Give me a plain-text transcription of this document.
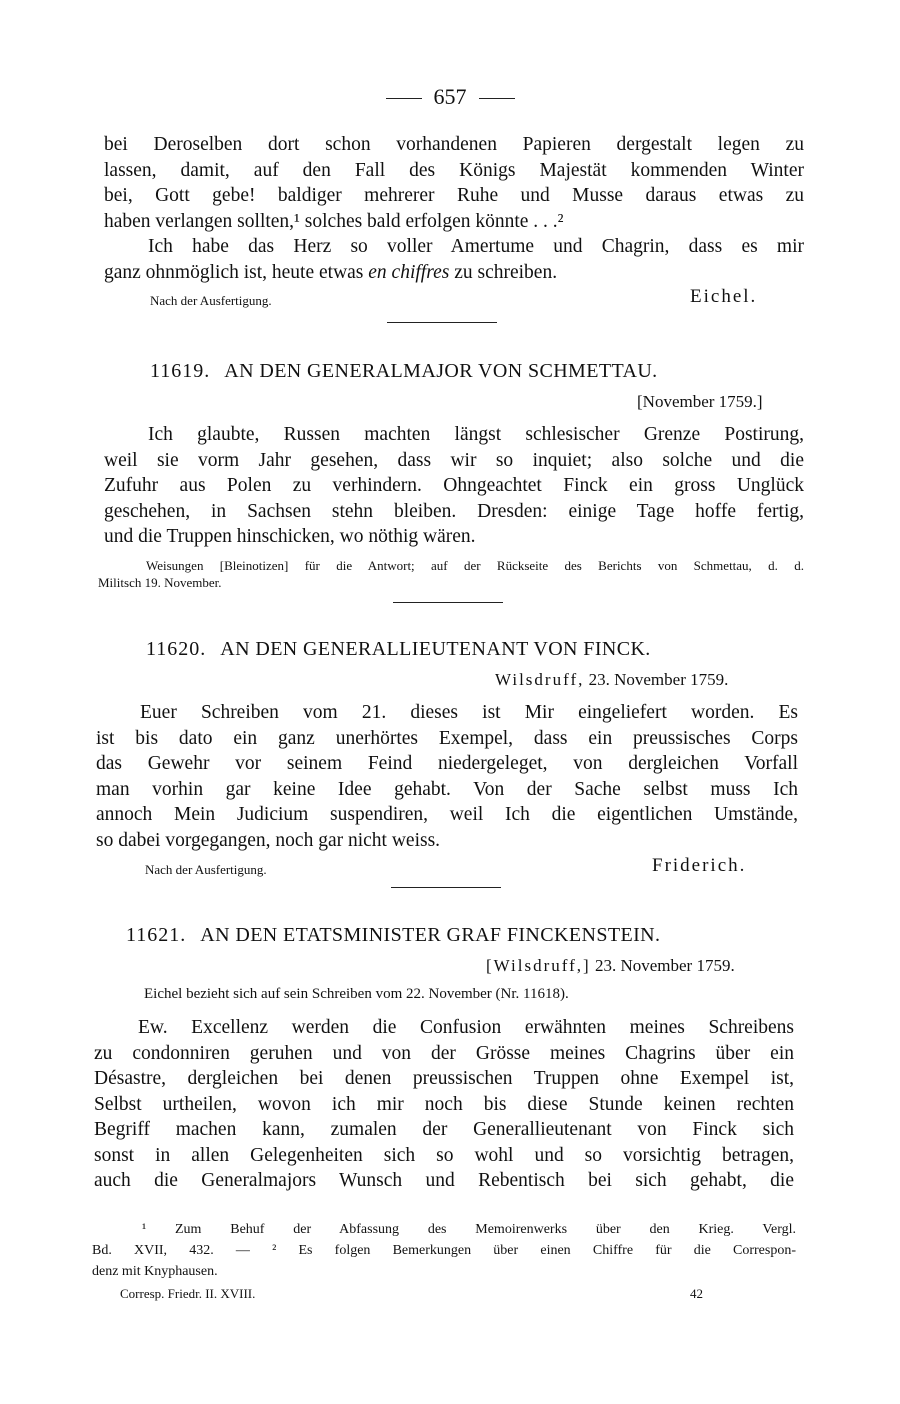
657
bei Deroselben dort schon vorhandenen Papieren dergestalt legen zu
lassen, damit, auf den Fall des Königs Majestät kommenden Winter
bei, Gott gebe! baldiger mehrerer Ruhe und Musse daraus etwas zu
haben verlangen sollten,¹ solches bald erfolgen könnte . . .²
Ich habe das Herz so voller Amertume und Chagrin, dass es mir
ganz ohnmöglich ist, heute etwas en chiffres zu schreiben.
Nach der Ausfertigung.	Eichel.
11619. AN DEN GENERALMAJOR VON SCHMETTAU.
[November 1759.]
Ich glaubte, Russen machten längst schlesischer Grenze Postirung,
weil sie vorm Jahr gesehen, dass wir so inquiet; also solche und die
Zufuhr aus Polen zu verhindern. Ohngeachtet Finck ein gross Unglück
geschehen, in Sachsen stehn bleiben. Dresden: einige Tage hoffe fertig,
und die Truppen hinschicken, wo nöthig wären.
Weisungen [Bleinotizen] für die Antwort; auf der Rückseite des Berichts von Schmettau, d. d.
Militsch 19. November.
11620. AN DEN GENERALLIEUTENANT VON FINCK.
Wilsdruff, 23. November 1759.
Euer Schreiben vom 21. dieses ist Mir eingeliefert worden. Es
ist bis dato ein ganz unerhörtes Exempel, dass ein preussisches Corps
das Gewehr vor seinem Feind niedergeleget, von dergleichen Vorfall
man vorhin gar keine Idee gehabt. Von der Sache selbst muss Ich
annoch Mein Judicium suspendiren, weil Ich die eigentlichen Umstände,
so dabei vorgegangen, noch gar nicht weiss.
Nach der Ausfertigung.	Friderich.
11621. AN DEN ETATSMINISTER GRAF FINCKENSTEIN.
[Wilsdruff,] 23. November 1759.
Eichel bezieht sich auf sein Schreiben vom 22. November (Nr. 11618).
Ew. Excellenz werden die Confusion erwähnten meines Schreibens
zu condonniren geruhen und von der Grösse meines Chagrins über ein
Désastre, dergleichen bei denen preussischen Truppen ohne Exempel ist,
Selbst urtheilen, wovon ich mir noch bis diese Stunde keinen rechten
Begriff machen kann, zumalen der Generallieutenant von Finck sich
sonst in allen Gelegenheiten sich so wohl und so vorsichtig betragen,
auch die Generalmajors Wunsch und Rebentisch bei sich gehabt, die
¹ Zum Behuf der Abfassung des Memoirenwerks über den Krieg. Vergl.
Bd. XVII, 432. — ² Es folgen Bemerkungen über einen Chiffre für die Correspon-
denz mit Knyphausen.
Corresp. Friedr. II. XVIII.	42
